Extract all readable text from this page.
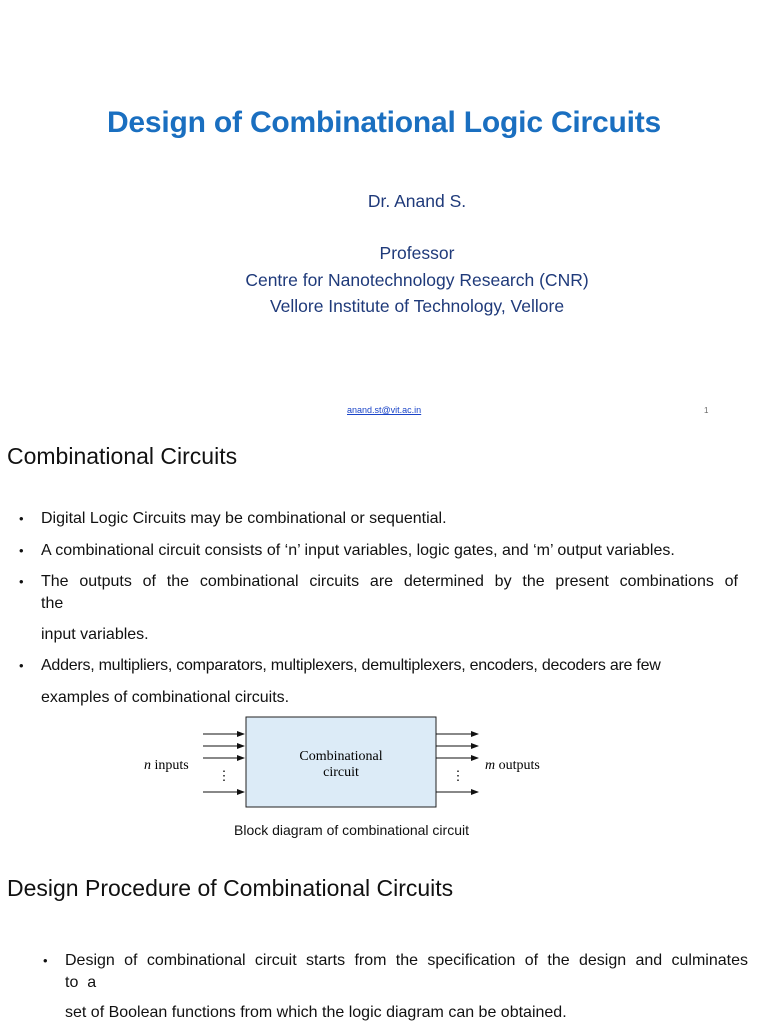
Design of Combinational Logic Circuits
Dr. Anand S.
Professor
Centre for Nanotechnology Research (CNR)
Vellore Institute of Technology, Vellore
anand.st@vit.ac.in	1
Combinational Circuits
• Digital Logic Circuits may be combinational or sequential.
• A combinational circuit consists of ‘n’ input variables, logic gates, and ‘m’ output variables.
• The outputs of the combinational circuits are determined by the present combinations of
the
input variables.
• Adders, multipliers, comparators, multiplexers, demultiplexers, encoders, decoders are few
examples of combinational circuits.
Combinational
circuit
⋮	⋮
n inputs	m outputs
Block diagram of combinational circuit
Design Procedure of Combinational Circuits
• Design of combinational circuit starts from the specification of the design and culminates
to  a
set of Boolean functions from which the logic diagram can be obtained.
